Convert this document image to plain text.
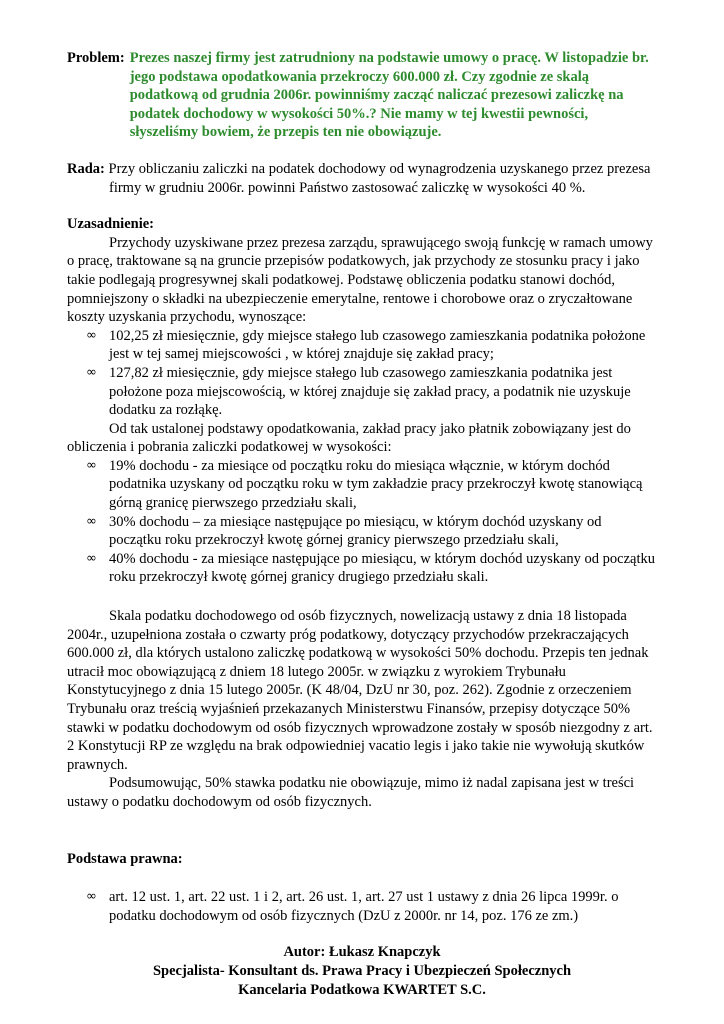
Problem: Prezes naszej firmy jest zatrudniony na podstawie umowy o pracę. W listopadzie br. jego podstawa opodatkowania przekroczy 600.000 zł. Czy zgodnie ze skalą podatkową od grudnia 2006r. powinniśmy zacząć naliczać prezesowi zaliczkę na podatek dochodowy w wysokości 50%.? Nie mamy w tej kwestii pewności, słyszeliśmy bowiem, że przepis ten nie obowiązuje.
Rada: Przy obliczaniu zaliczki na podatek dochodowy od wynagrodzenia uzyskanego przez prezesa firmy w grudniu 2006r. powinni Państwo zastosować zaliczkę w wysokości 40 %.
Uzasadnienie:

Przychody uzyskiwane przez prezesa zarządu, sprawującego swoją funkcję w ramach umowy o pracę, traktowane są na gruncie przepisów podatkowych, jak przychody ze stosunku pracy i jako takie podlegają progresywnej skali podatkowej. Podstawę obliczenia podatku stanowi dochód, pomniejszony o składki na ubezpieczenie emerytalne, rentowe i chorobowe oraz o zryczałtowane koszty uzyskania przychodu, wynoszące:

∞ 102,25 zł miesięcznie, gdy miejsce stałego lub czasowego zamieszkania podatnika położone jest w tej samej miejscowości , w której znajduje się zakład pracy;
∞ 127,82 zł miesięcznie, gdy miejsce stałego lub czasowego zamieszkania podatnika jest położone poza miejscowością, w której znajduje się zakład pracy, a podatnik nie uzyskuje dodatku za rozłąkę.

Od tak ustalonej podstawy opodatkowania, zakład pracy jako płatnik zobowiązany jest do obliczenia i pobrania zaliczki podatkowej w wysokości:

∞ 19% dochodu - za miesiące od początku roku do miesiąca włącznie, w którym dochód podatnika uzyskany od początku roku w tym zakładzie pracy przekroczył kwotę stanowiącą górną granicę pierwszego przedziału skali,
∞ 30% dochodu – za miesiące następujące po miesiącu, w którym dochód uzyskany od początku roku przekroczył kwotę górnej granicy pierwszego przedziału skali,
∞ 40% dochodu - za miesiące następujące po miesiącu, w którym dochód uzyskany od początku roku przekroczył kwotę górnej granicy drugiego przedziału skali.

Skala podatku dochodowego od osób fizycznych, nowelizacją ustawy z dnia 18 listopada 2004r., uzupełniona została o czwarty próg podatkowy, dotyczący przychodów przekraczających 600.000 zł, dla których ustalono zaliczkę podatkową w wysokości 50% dochodu. Przepis ten jednak utracił moc obowiązującą z dniem 18 lutego 2005r. w związku z wyrokiem Trybunału Konstytucyjnego z dnia 15 lutego 2005r. (K 48/04, DzU nr 30, poz. 262). Zgodnie z orzeczeniem Trybunału oraz treścią wyjaśnień przekazanych Ministerstwu Finansów, przepisy dotyczące 50% stawki w podatku dochodowym od osób fizycznych wprowadzone zostały w sposób niezgodny z art. 2 Konstytucji RP ze względu na brak odpowiedniej vacatio legis i jako takie nie wywołują skutków prawnych.

Podsumowując, 50% stawka podatku nie obowiązuje, mimo iż nadal zapisana jest w treści ustawy o podatku dochodowym od osób fizycznych.

Podstawa prawna:
∞ art. 12 ust. 1, art. 22 ust. 1 i 2, art. 26 ust. 1, art. 27 ust 1 ustawy z dnia 26 lipca 1999r. o podatku dochodowym od osób fizycznych (DzU z 2000r. nr 14, poz. 176 ze zm.)
Autor: Łukasz Knapczyk
Specjalista- Konsultant ds. Prawa Pracy i Ubezpieczeń Społecznych
Kancelaria Podatkowa KWARTET S.C.
